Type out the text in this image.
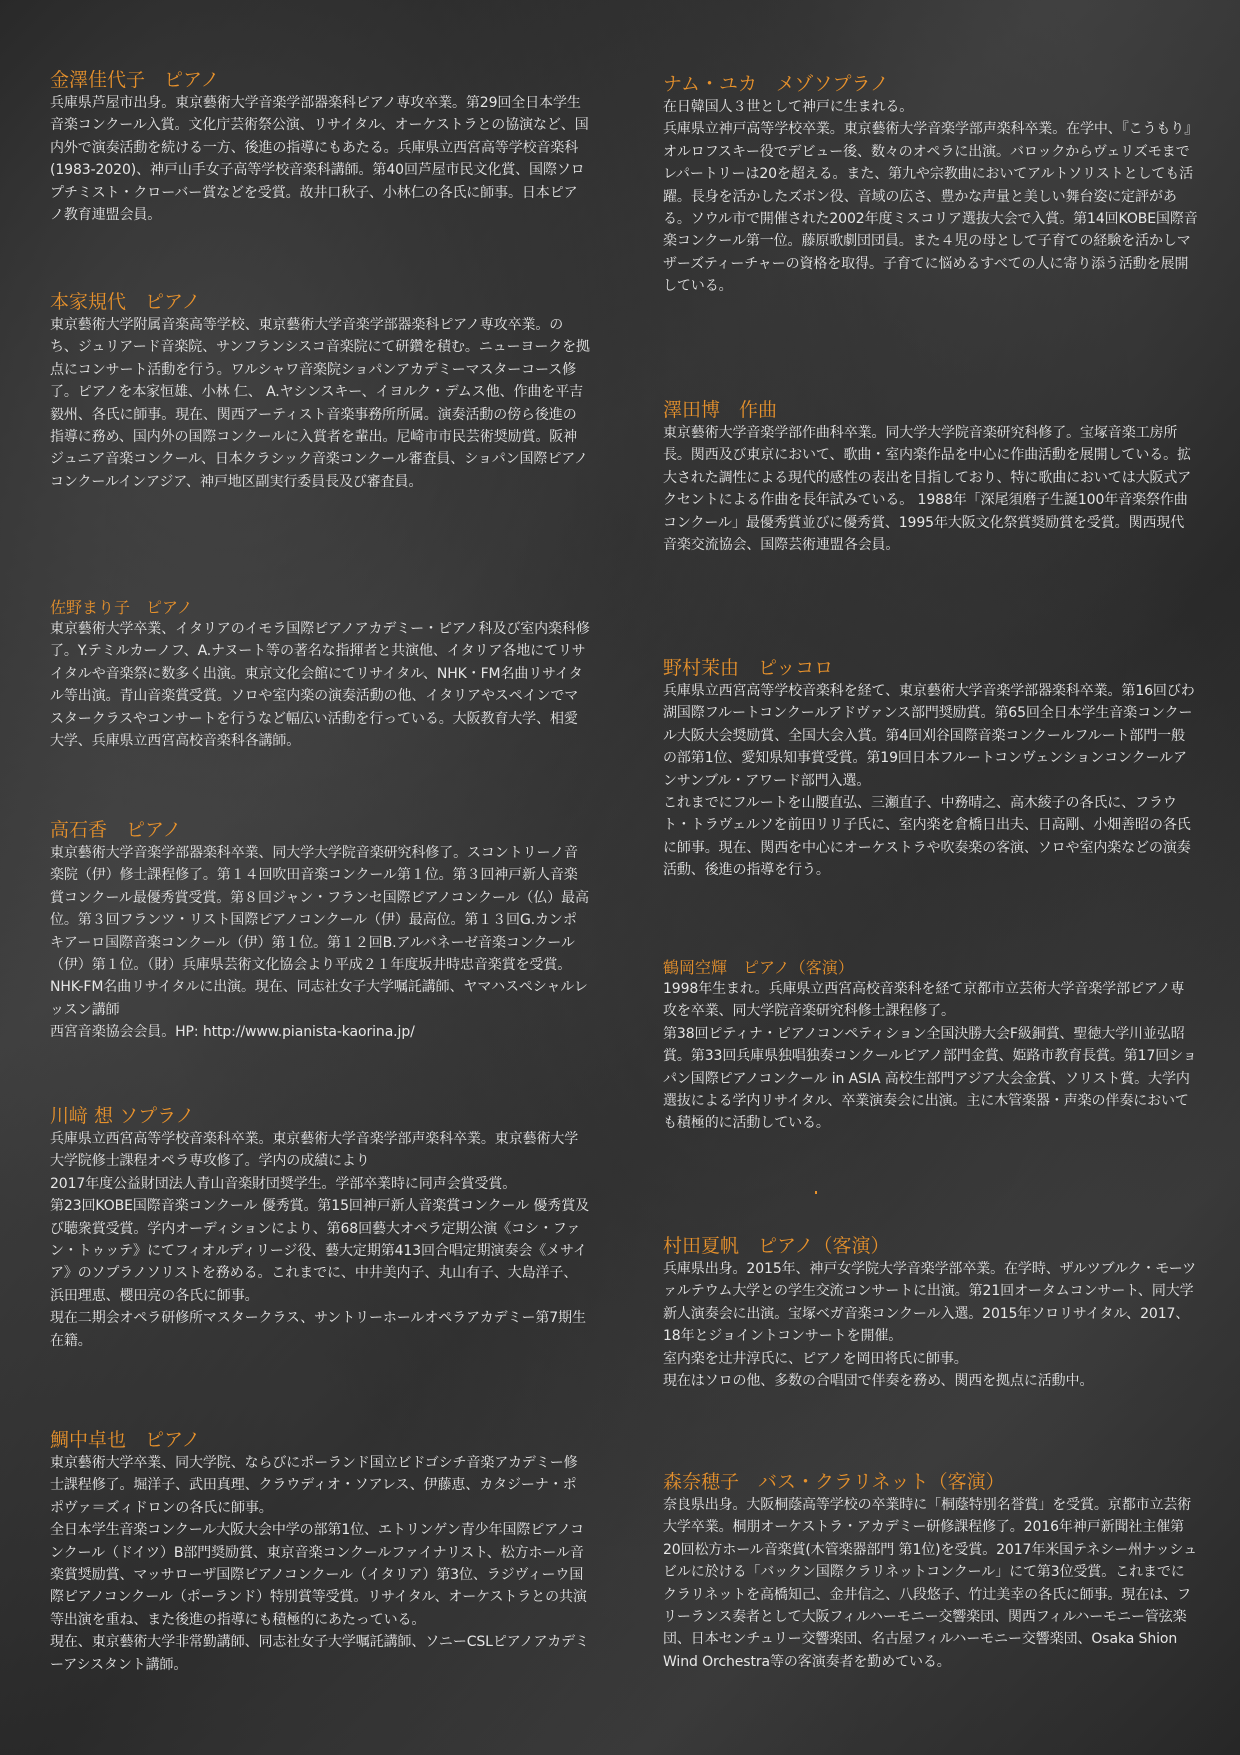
金澤佳代子　ピアノ

兵庫県芦屋市出身。東京藝術大学音楽学部器楽科ピアノ専攻卒業。第29回全日本学生音楽コンクール入賞。文化庁芸術祭公演、リサイタル、オーケストラとの協演など、国内外で演奏活動を続ける一方、後進の指導にもあたる。兵庫県立西宮高等学校音楽科(1983-2020)、神戸山手女子高等学校音楽科講師。第40回芦屋市民文化賞、国際ソロプチミスト・クローバー賞などを受賞。故井口秋子、小林仁の各氏に師事。日本ピアノ教育連盟会員。

本家規代　ピアノ

東京藝術大学附属音楽高等学校、東京藝術大学音楽学部器楽科ピアノ専攻卒業。のち、ジュリアード音楽院、サンフランシスコ音楽院にて研鑽を積む。ニューヨークを拠点にコンサート活動を行う。ワルシャワ音楽院ショパンアカデミーマスターコース修了。ピアノを本家恒雄、小林 仁、 A.ヤシンスキー、イヨルク・デムス他、作曲を平吉毅州、各氏に師事。現在、関西アーティスト音楽事務所所属。演奏活動の傍ら後進の指導に務め、国内外の国際コンクールに入賞者を輩出。尼崎市市民芸術奨励賞。阪神ジュニア音楽コンクール、日本クラシック音楽コンクール審査員、ショパン国際ピアノコンクールインアジア、神戸地区副実行委員長及び審査員。

佐野まり子　ピアノ

東京藝術大学卒業、イタリアのイモラ国際ピアノアカデミー・ピアノ科及び室内楽科修了。Y.テミルカーノフ、A.ナヌート等の著名な指揮者と共演他、イタリア各地にてリサイタルや音楽祭に数多く出演。東京文化会館にてリサイタル、NHK・FM名曲リサイタル等出演。青山音楽賞受賞。ソロや室内楽の演奏活動の他、イタリアやスペインでマスタークラスやコンサートを行うなど幅広い活動を行っている。大阪教育大学、相愛大学、兵庫県立西宮高校音楽科各講師。

高石香　ピアノ

東京藝術大学音楽学部器楽科卒業、同大学大学院音楽研究科修了。スコントリーノ音楽院（伊）修士課程修了。第１４回吹田音楽コンクール第１位。第３回神戸新人音楽賞コンクール最優秀賞受賞。第８回ジャン・フランセ国際ピアノコンクール（仏）最高位。第３回フランツ・リスト国際ピアノコンクール（伊）最高位。第１３回G.カンポキアーロ国際音楽コンクール（伊）第１位。第１２回B.アルバネーゼ音楽コンクール（伊）第１位。（財）兵庫県芸術文化協会より平成２１年度坂井時忠音楽賞を受賞。NHK-FM名曲リサイタルに出演。現在、同志社女子大学嘱託講師、ヤマハスペシャルレッスン講師

西宮音楽協会会員。HP: http://www.pianista-kaorina.jp/

川﨑 想 ソプラノ

兵庫県立西宮高等学校音楽科卒業。東京藝術大学音楽学部声楽科卒業。東京藝術大学大学院修士課程オペラ専攻修了。学内の成績により

2017年度公益財団法人青山音楽財団奨学生。学部卒業時に同声会賞受賞。

第23回KOBE国際音楽コンクール 優秀賞。第15回神戸新人音楽賞コンクール 優秀賞及び聴衆賞受賞。学内オーディションにより、第68回藝大オペラ定期公演《コシ・ファン・トゥッテ》にてフィオルディリージ役、藝大定期第413回合唱定期演奏会《メサイア》のソプラノソリストを務める。これまでに、中井美内子、丸山有子、大島洋子、浜田理恵、櫻田亮の各氏に師事。

現在二期会オペラ研修所マスタークラス、サントリーホールオペラアカデミー第7期生在籍。

鯛中卓也　ピアノ

東京藝術大学卒業、同大学院、ならびにポーランド国立ビドゴシチ音楽アカデミー修士課程修了。堀洋子、武田真理、クラウディオ・ソアレス、伊藤恵、カタジーナ・ポポヴァ＝ズィドロンの各氏に師事。

全日本学生音楽コンクール大阪大会中学の部第1位、エトリンゲン青少年国際ピアノコンクール（ドイツ）B部門奨励賞、東京音楽コンクールファイナリスト、松方ホール音楽賞奨励賞、マッサローザ国際ピアノコンクール（イタリア）第3位、ラジヴィーウ国際ピアノコンクール（ポーランド）特別賞等受賞。リサイタル、オーケストラとの共演等出演を重ね、また後進の指導にも積極的にあたっている。

現在、東京藝術大学非常勤講師、同志社女子大学嘱託講師、ソニーCSLピアノアカデミーアシスタント講師。

ナム・ユカ　メゾソプラノ

在日韓国人３世として神戸に生まれる。

兵庫県立神戸高等学校卒業。東京藝術大学音楽学部声楽科卒業。在学中、『こうもり』オルロフスキー役でデビュー後、数々のオペラに出演。バロックからヴェリズモまでレパートリーは20を超える。また、第九や宗教曲においてアルトソリストとしても活躍。長身を活かしたズボン役、音域の広さ、豊かな声量と美しい舞台姿に定評がある。ソウル市で開催された2002年度ミスコリア選抜大会で入賞。第14回KOBE国際音楽コンクール第一位。藤原歌劇団団員。また４児の母として子育ての経験を活かしマザーズティーチャーの資格を取得。子育てに悩めるすべての人に寄り添う活動を展開している。

澤田博　作曲

東京藝術大学音楽学部作曲科卒業。同大学大学院音楽研究科修了。宝塚音楽工房所長。関西及び東京において、歌曲・室内楽作品を中心に作曲活動を展開している。拡大された調性による現代的感性の表出を目指しており、特に歌曲においては大阪式アクセントによる作曲を長年試みている。 1988年「深尾須磨子生誕100年音楽祭作曲コンクール」最優秀賞並びに優秀賞、1995年大阪文化祭賞奨励賞を受賞。関西現代音楽交流協会、国際芸術連盟各会員。

野村茉由　ピッコロ

兵庫県立西宮高等学校音楽科を経て、東京藝術大学音楽学部器楽科卒業。第16回びわ湖国際フルートコンクールアドヴァンス部門奨励賞。第65回全日本学生音楽コンクール大阪大会奨励賞、全国大会入賞。第4回刈谷国際音楽コンクールフルート部門一般の部第1位、愛知県知事賞受賞。第19回日本フルートコンヴェンションコンクールアンサンブル・アワード部門入選。

これまでにフルートを山腰直弘、三瀬直子、中務晴之、高木綾子の各氏に、フラウト・トラヴェルソを前田リリ子氏に、室内楽を倉橋日出夫、日高剛、小畑善昭の各氏に師事。現在、関西を中心にオーケストラや吹奏楽の客演、ソロや室内楽などの演奏活動、後進の指導を行う。

鶴岡空輝　ピアノ（客演）

1998年生まれ。兵庫県立西宮高校音楽科を経て京都市立芸術大学音楽学部ピアノ専攻を卒業、同大学院音楽研究科修士課程修了。

第38回ピティナ・ピアノコンペティション全国決勝大会F級銅賞、聖徳大学川並弘昭賞。第33回兵庫県独唱独奏コンクールピアノ部門金賞、姫路市教育長賞。第17回ショパン国際ピアノコンクール in ASIA 高校生部門アジア大会金賞、ソリスト賞。大学内選抜による学内リサイタル、卒業演奏会に出演。主に木管楽器・声楽の伴奏においても積極的に活動している。

村田夏帆　ピアノ（客演）

兵庫県出身。2015年、神戸女学院大学音楽学部卒業。在学時、ザルツブルク・モーツァルテウム大学との学生交流コンサートに出演。第21回オータムコンサート、同大学新人演奏会に出演。宝塚ベガ音楽コンクール入選。2015年ソロリサイタル、2017、18年とジョイントコンサートを開催。

室内楽を辻井淳氏に、ピアノを岡田将氏に師事。

現在はソロの他、多数の合唱団で伴奏を務め、関西を拠点に活動中。

森奈穂子　バス・クラリネット（客演）

奈良県出身。大阪桐蔭高等学校の卒業時に「桐蔭特別名誉賞」を受賞。京都市立芸術大学卒業。桐朋オーケストラ・アカデミー研修課程修了。2016年神戸新聞社主催第20回松方ホール音楽賞(木管楽器部門 第1位)を受賞。2017年米国テネシー州ナッシュビルに於ける「バックン国際クラリネットコンクール」にて第3位受賞。これまでにクラリネットを高橋知己、金井信之、八段悠子、竹辻美幸の各氏に師事。現在は、フリーランス奏者として大阪フィルハーモニー交響楽団、関西フィルハーモニー管弦楽団、日本センチュリー交響楽団、名古屋フィルハーモニー交響楽団、Osaka Shion Wind Orchestra等の客演奏者を勤めている。
